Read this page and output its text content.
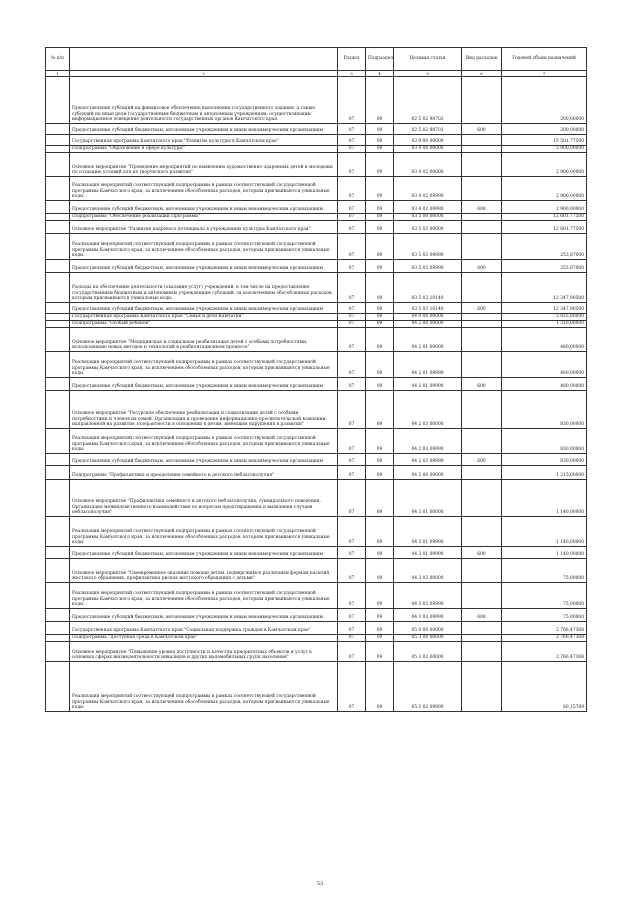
№ п/п		Раздел	Подраздел	Целевая статья	Вид расходов	Годовой объем назначений
1	2	3	4	5	6	7
	Предоставление субсидий на финансовое обеспечение выполнения государственного задания, а также субсидий на иные цели государственным бюджетным и автономным учреждениям, осуществляющим информационное освещение деятельности государственных органов Камчатского края	07	09	02 5 02 98702		200,00000
	Предоставление субсидий бюджетным, автономным учреждениям и иным некоммерческим организациям	07	09	02 5 02 98702	600	200,00000
	Государственная программа Камчатского края "Развитие культуры в Камчатском крае"	07	09	03 0 00 00000		15 501,77500
	Подпрограмма "Образование в сфере культуры"	07	09	03 4 00 00000		2 900,00000
	Основное мероприятие "Проведение мероприятий по выявлению художественно одаренных детей и молодежи по созданию условий для их творческого развития"	07	09	03 4 02 00000		2 900,00000
	Реализация мероприятий соответствующей подпрограммы в рамках соответствующей государственной программы Камчатского края, за исключением обособленных расходов, которым присваиваются уникальные коды	07	09	03 4 02 09990		2 900,00000
	Предоставление субсидий бюджетным, автономным учреждениям и иным некоммерческим организациям	07	09	03 4 02 09990	600	2 900,00000
	Подпрограмма "Обеспечение реализации Программы"	07	09	03 5 00 00000		12 601,77500
	Основное мероприятие "Развитие кадрового потенциала в учреждениях культуры Камчатского края"	07	09	03 5 03 00000		12 601,77500
	Реализация мероприятий соответствующей подпрограммы в рамках соответствующей государственной программы Камчатского края, за исключением обособленных расходов, которым присваиваются уникальные коды	07	09	03 5 03 09990		253,87000
	Предоставление субсидий бюджетным, автономным учреждениям и иным некоммерческим организациям	07	09	03 5 03 09990	600	253,87000
	Расходы на обеспечение деятельности (оказание услуг) учреждений, в том числе на предоставление государственным бюджетным и автономным учреждениям субсидий, за исключением обособленных расходов, которым присваиваются уникальные коды	07	09	03 5 03 10140		12 347,90500
	Предоставление субсидий бюджетным, автономным учреждениям и иным некоммерческим организациям	07	09	03 5 03 10140	600	12 347,90500
	Государственная программа Камчатского края "Семья и дети Камчатки"	07	09	04 0 00 00000		2 925,00000
	Подпрограмма "Особый ребенок"	07	09	04 2 00 00000		1 310,00000
	Основное мероприятие "Медицинская и социальная реабилитация детей с особыми потребностями, использование новых методов и технологий в реабилитационном процессе"	07	09	04 2 01 00000		480,00000
	Реализация мероприятий соответствующей подпрограммы в рамках соответствующей государственной программы Камчатского края, за исключением обособленных расходов, которым присваиваются уникальные коды	07	09	04 2 01 09990		480,00000
	Предоставление субсидий бюджетным, автономным учреждениям и иным некоммерческим организациям	07	09	04 2 01 09990	600	480,00000
	Основное мероприятие "Ресурсное обеспечение реабилитации и социализации детей с особыми потребностями и членов их семей. Организация и проведение информационно-просветительской кампании, направленной на развитие толерантности в отношении к детям, имеющим нарушения в развитии"	07	09	04 2 03 00000		830,00000
	Реализация мероприятий соответствующей подпрограммы в рамках соответствующей государственной программы Камчатского края, за исключением обособленных расходов, которым присваиваются уникальные коды	07	09	04 2 03 09990		830,00000
	Предоставление субсидий бюджетным, автономным учреждениям и иным некоммерческим организациям	07	09	04 2 03 09990	600	830,00000
	Подпрограмма "Профилактика и преодоление семейного и детского неблагополучия"	07	09	04 3 00 00000		1 215,00000
	Основное мероприятие "Профилактика семейного и детского неблагополучия, суицидального поведения. Организация межведомственного взаимодействия по вопросам предотвращения и выявления случаев неблагополучия"	07	09	04 3 01 00000		1 140,00000
	Реализация мероприятий соответствующей подпрограммы в рамках соответствующей государственной программы Камчатского края, за исключением обособленных расходов, которым присваиваются уникальные коды	07	09	04 3 01 09990		1 140,00000
	Предоставление субсидий бюджетным, автономным учреждениям и иным некоммерческим организациям	07	09	04 3 01 09990	600	1 140,00000
	Основное мероприятие "Своевременное оказание помощи детям, подвергшимся различным формам насилия, жестокого обращения, профилактика рисков жестокого обращения с детьми"	07	09	04 3 03 00000		75,00000
	Реализация мероприятий соответствующей подпрограммы в рамках соответствующей государственной программы Камчатского края, за исключением обособленных расходов, которым присваиваются уникальные коды	07	09	04 3 03 09990		75,00000
	Предоставление субсидий бюджетным, автономным учреждениям и иным некоммерческим организациям	07	09	04 3 03 09990	600	75,00000
	Государственная программа Камчатского края "Социальная поддержка граждан в Камчатском крае"	07	09	05 0 00 00000		2 766,47368
	Подпрограмма "Доступная среда в Камчатском крае"	07	09	05 3 00 00000		2 766,47368
	Основное мероприятие "Повышение уровня доступности и качества приоритетных объектов и услуг в основных сферах жизнедеятельности инвалидов и других маломобильных групп населения"	07	09	05 3 02 00000		2 766,47368
	Реализация мероприятий соответствующей подпрограммы в рамках соответствующей государственной программы Камчатского края, за исключением обособленных расходов, которым присваиваются уникальные коды	07	09	05 3 02 09990		80,15789
53
